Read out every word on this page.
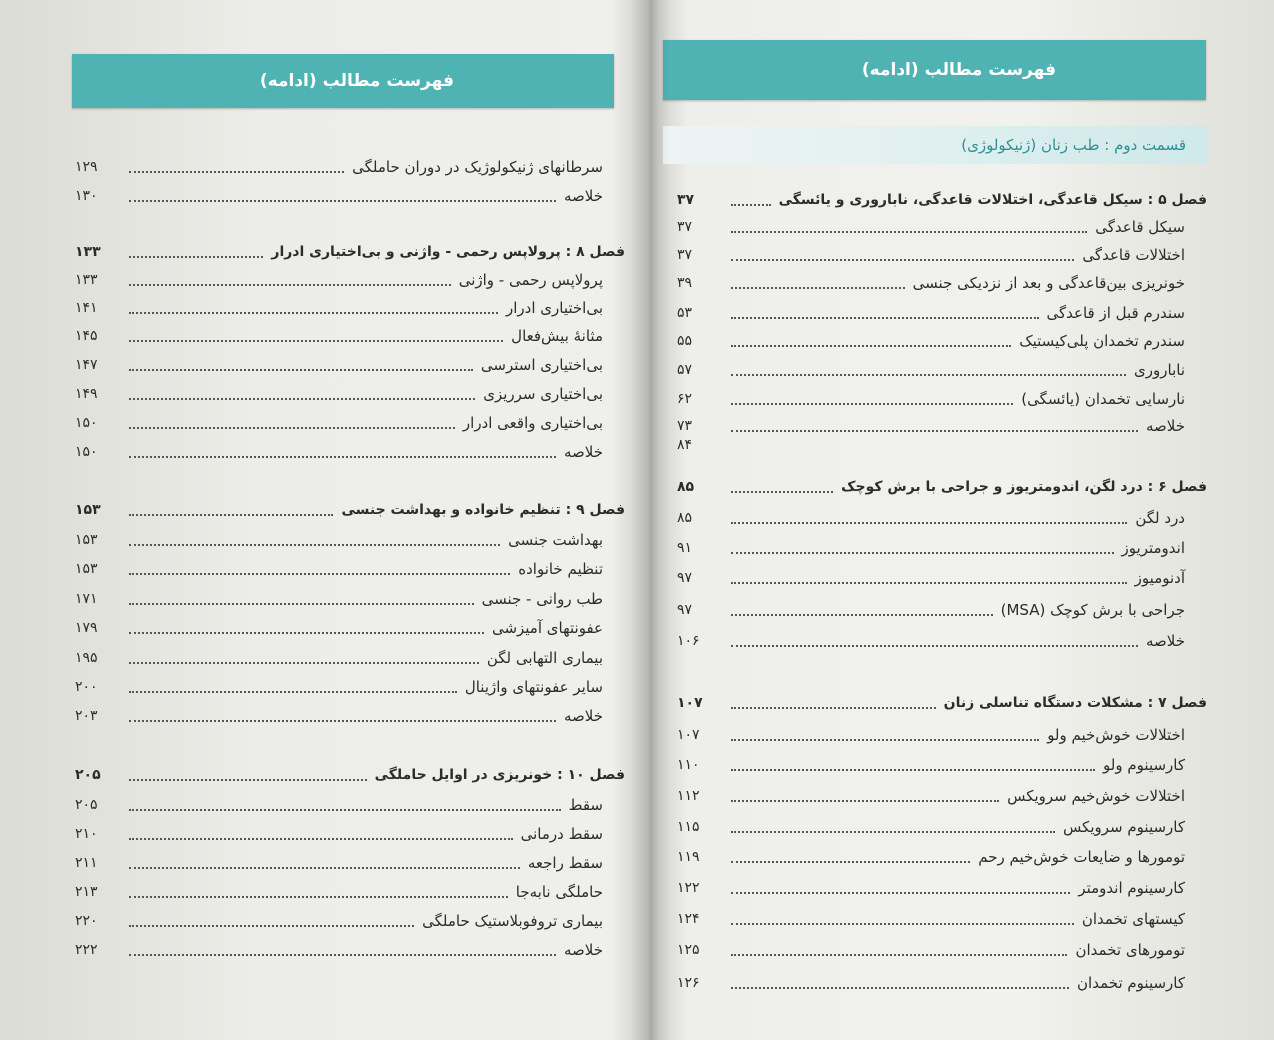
فهرست مطالب (ادامه)
سرطانهای ژنیکولوژیک در دوران حاملگی
۱۲۹
خلاصه
۱۳۰
فصل ۸ : پرولاپس رحمی - واژنی و بی‌اختیاری ادرار
۱۳۳
پرولاپس رحمی - واژنی
۱۳۳
بی‌اختیاری ادرار
۱۴۱
مثانهٔ بیش‌فعال
۱۴۵
بی‌اختیاری استرسی
۱۴۷
بی‌اختیاری سرریزی
۱۴۹
بی‌اختیاری واقعی ادرار
۱۵۰
خلاصه
۱۵۰
فصل ۹ : تنظیم خانواده و بهداشت جنسی
۱۵۳
بهداشت جنسی
۱۵۳
تنظیم خانواده
۱۵۳
طب روانی - جنسی
۱۷۱
عفونتهای آمیزشی
۱۷۹
بیماری التهابی لگن
۱۹۵
سایر عفونتهای واژینال
۲۰۰
خلاصه
۲۰۳
فصل ۱۰ : خونریزی در اوایل حاملگی
۲۰۵
سقط
۲۰۵
سقط درمانی
۲۱۰
سقط راجعه
۲۱۱
حاملگی نابه‌جا
۲۱۳
بیماری تروفوبلاستیک حاملگی
۲۲۰
خلاصه
۲۲۲
فهرست مطالب (ادامه)
قسمت دوم : طب زنان (ژنیکولوژی)
فصل ۵ : سیکل قاعدگی، اختلالات قاعدگی، ناباروری و یائسگی
۳۷
سیکل قاعدگی
۳۷
اختلالات قاعدگی
۳۷
خونریزی بین‌قاعدگی و بعد از نزدیکی جنسی
۳۹
سندرم قبل از قاعدگی
۵۳
سندرم تخمدان پلی‌کیستیک
۵۵
ناباروری
۵۷
نارسایی تخمدان (یائسگی)
۶۲
خلاصه
۷۳
۸۴
فصل ۶ : درد لگن، اندومتریوز و جراحی با برش کوچک
۸۵
درد لگن
۸۵
اندومتریوز
۹۱
آدنومیوز
۹۷
جراحی با برش کوچک (MSA)
۹۷
خلاصه
۱۰۶
فصل ۷ : مشکلات دستگاه تناسلی زنان
۱۰۷
اختلالات خوش‌خیم ولو
۱۰۷
کارسینوم ولو
۱۱۰
اختلالات خوش‌خیم سرویکس
۱۱۲
کارسینوم سرویکس
۱۱۵
تومورها و ضایعات خوش‌خیم رحم
۱۱۹
کارسینوم اندومتر
۱۲۲
کیستهای تخمدان
۱۲۴
تومورهای تخمدان
۱۲۵
کارسینوم تخمدان
۱۲۶
